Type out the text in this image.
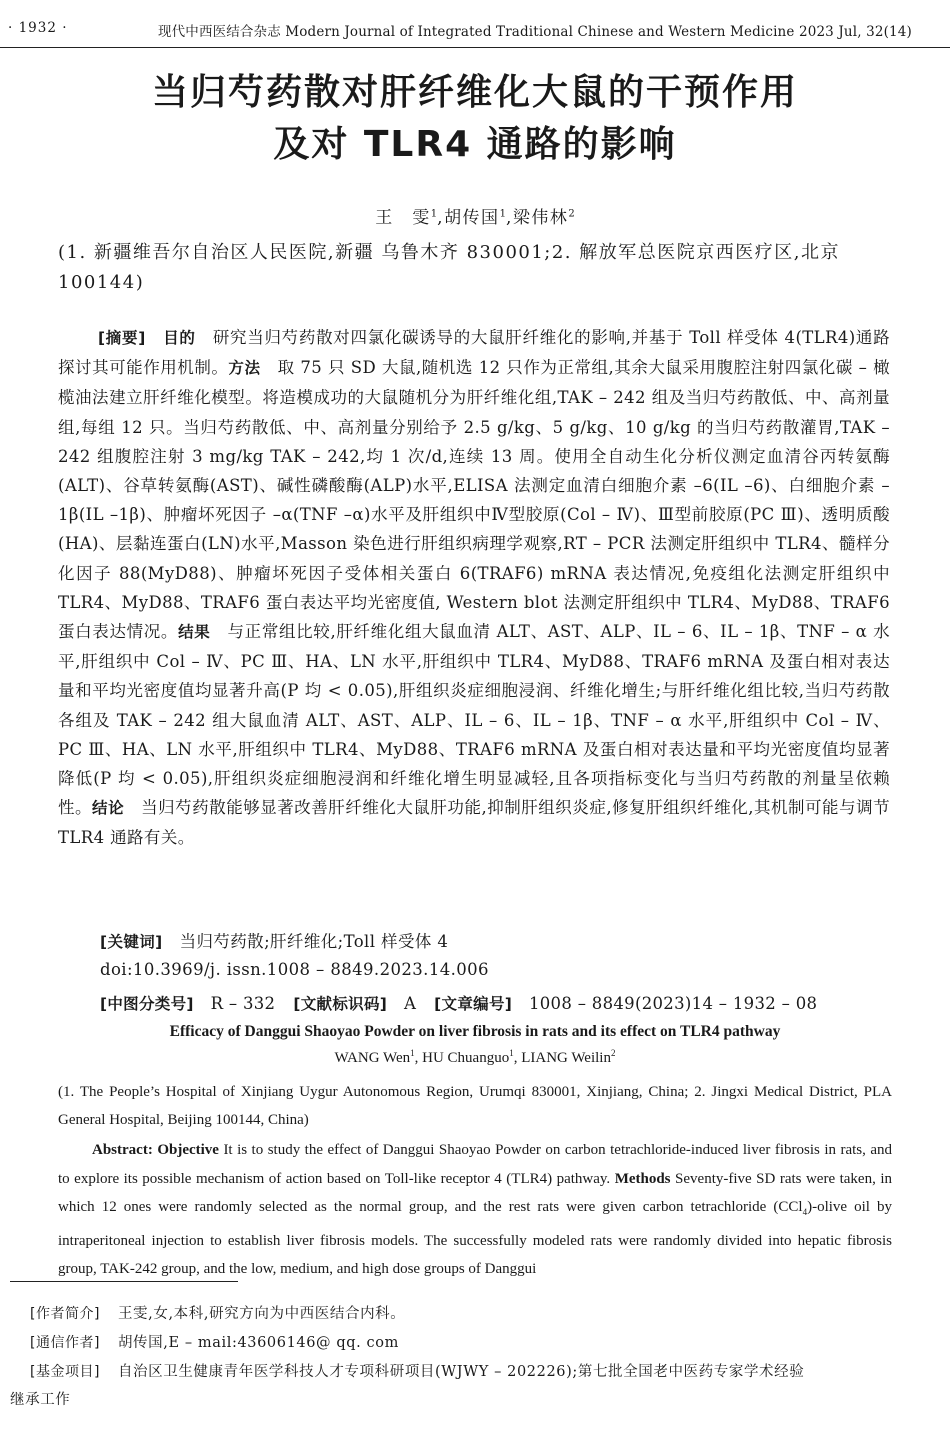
· 1932 ·	现代中西医结合杂志 Modern Journal of Integrated Traditional Chinese and Western Medicine 2023 Jul, 32(14)
当归芍药散对肝纤维化大鼠的干预作用
及对 TLR4 通路的影响
王　雯$^1$,胡传国$^1$,梁伟林$^2$
(1. 新疆维吾尔自治区人民医院,新疆 乌鲁木齐 830001;2. 解放军总医院京西医疗区,北京 100144)
[摘要]　 目的　 研究当归芍药散对四氯化碳诱导的大鼠肝纤维化的影响,并基于 Toll 样受体 4(TLR4)通路探讨其可能作用机制。方法　 取 75 只 SD 大鼠,随机选 12 只作为正常组,其余大鼠采用腹腔注射四氯化碳 – 橄榄油法建立肝纤维化模型。将造模成功的大鼠随机分为肝纤维化组,TAK – 242 组及当归芍药散低、中、高剂量组,每组 12 只。当归芍药散低、中、高剂量分别给予 2.5 g/kg、5 g/kg、10 g/kg 的当归芍药散灌胃,TAK – 242 组腹腔注射 3 mg/kg TAK – 242,均 1 次/d,连续 13 周。使用全自动生化分析仪测定血清谷丙转氨酶(ALT)、谷草转氨酶(AST)、碱性磷酸酶(ALP)水平,ELISA 法测定血清白细胞介素 –6(IL –6)、白细胞介素 –1β(IL –1β)、肿瘤坏死因子 –α(TNF –α)水平及肝组织中Ⅳ型胶原(Col – Ⅳ)、Ⅲ型前胶原(PC Ⅲ)、透明质酸(HA)、层黏连蛋白(LN)水平,Masson 染色进行肝组织病理学观察,RT – PCR 法测定肝组织中 TLR4、髓样分化因子 88(MyD88)、肿瘤坏死因子受体相关蛋白 6(TRAF6) mRNA 表达情况,免疫组化法测定肝组织中 TLR4、MyD88、TRAF6 蛋白表达平均光密度值, Western blot 法测定肝组织中 TLR4、MyD88、TRAF6 蛋白表达情况。结果　 与正常组比较,肝纤维化组大鼠血清 ALT、AST、ALP、IL – 6、IL – 1β、TNF – α 水平,肝组织中 Col – Ⅳ、PC Ⅲ、HA、LN 水平,肝组织中 TLR4、MyD88、TRAF6 mRNA 及蛋白相对表达量和平均光密度值均显著升高(P 均 < 0.05),肝组织炎症细胞浸润、纤维化增生;与肝纤维化组比较,当归芍药散各组及 TAK – 242 组大鼠血清 ALT、AST、ALP、IL – 6、IL – 1β、TNF – α 水平,肝组织中 Col – Ⅳ、PC Ⅲ、HA、LN 水平,肝组织中 TLR4、MyD88、TRAF6 mRNA 及蛋白相对表达量和平均光密度值均显著降低(P 均 < 0.05),肝组织炎症细胞浸润和纤维化增生明显减轻,且各项指标变化与当归芍药散的剂量呈依赖性。结论　 当归芍药散能够显著改善肝纤维化大鼠肝功能,抑制肝组织炎症,修复肝组织纤维化,其机制可能与调节 TLR4 通路有关。
[关键词]　 当归芍药散;肝纤维化;Toll 样受体 4
doi:10.3969/j. issn.1008 – 8849.2023.14.006
[中图分类号]　 R – 332 [文献标识码]　 A [文章编号]　 1008 – 8849(2023)14 – 1932 – 08
Efficacy of Danggui Shaoyao Powder on liver fibrosis in rats and its effect on TLR4 pathway
WANG Wen$^1$, HU Chuanguo$^1$, LIANG Weilin$^2$
(1. The People’s Hospital of Xinjiang Uygur Autonomous Region, Urumqi 830001, Xinjiang, China; 2. Jingxi Medical District, PLA General Hospital, Beijing 100144, China)
Abstract: Objective It is to study the effect of Danggui Shaoyao Powder on carbon tetrachloride-induced liver fibrosis in rats, and to explore its possible mechanism of action based on Toll-like receptor 4 (TLR4) pathway. Methods Seventy-five SD rats were taken, in which 12 ones were randomly selected as the normal group, and the rest rats were given carbon tetrachloride (CCl$_4$)-olive oil by intraperitoneal injection to establish liver fibrosis models. The successfully modeled rats were randomly divided into hepatic fibrosis group, TAK-242 group, and the low, medium, and high dose groups of Danggui
[作者简介] 王雯,女,本科,研究方向为中西医结合内科。
[通信作者] 胡传国,E – mail:43606146@ qq. com
[基金项目] 自治区卫生健康青年医学科技人才专项科研项目(WJWY – 202226);第七批全国老中医药专家学术经验
继承工作
